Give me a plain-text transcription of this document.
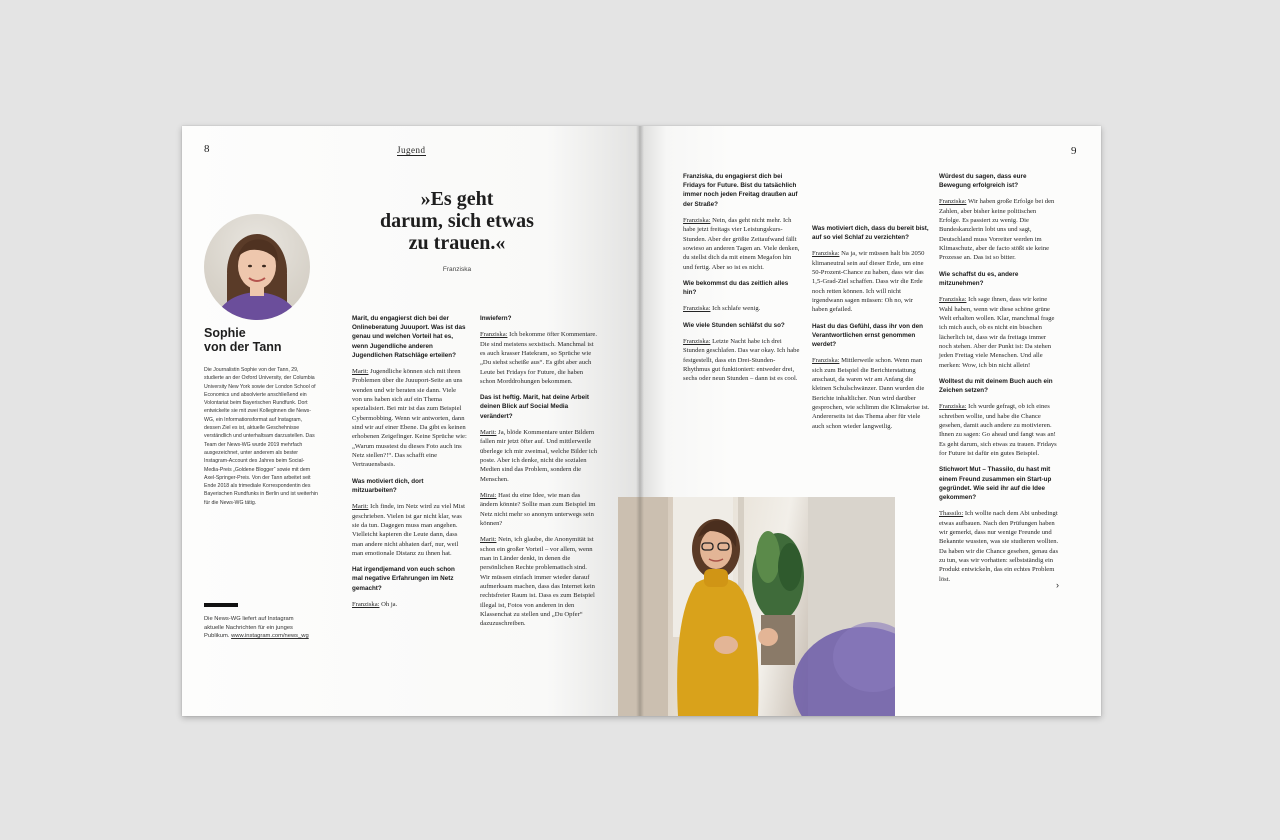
8	Jugend
»Es geht
darum, sich etwas
zu trauen.«
Franziska
Sophie
von der Tann
Die Journalistin Sophie von der Tann, 29, studierte an der Oxford University, der Columbia University New York sowie der London School of Economics und absolvierte anschließend ein Volontariat beim Bayerischen Rundfunk. Dort entwickelte sie mit zwei Kolleginnen die News-WG, ein Informationsformat auf Instagram, dessen Ziel es ist, aktuelle Geschehnisse verständlich und unterhaltsam darzustellen. Das Team der News-WG wurde 2019 mehrfach ausgezeichnet, unter anderem als bester Instagram-Account des Jahres beim Social-Media-Preis „Goldene Blogger“ sowie mit dem Axel-Springer-Preis. Von der Tann arbeitet seit Ende 2018 als trimediale Korrespondentin des Bayerischen Rundfunks in Berlin und ist weiterhin für die News-WG tätig.
Die News-WG liefert auf Instagram aktuelle Nachrichten für ein junges Publikum. www.instagram.com/news_wg
Marit, du engagierst dich bei der Onlineberatung Juuuport. Was ist das genau und welchen Vorteil hat es, wenn Jugendliche anderen Jugendlichen Ratschläge erteilen?
Marit: Jugendliche können sich mit ihren Problemen über die Juuuport-Seite an uns wenden und wir beraten sie dann. Viele von uns haben sich auf ein Thema spezialisiert. Bei mir ist das zum Beispiel Cybermobbing. Wenn wir antworten, dann sind wir auf einer Ebene. Da gibt es keinen erhobenen Zeigefinger. Keine Sprüche wie: „Warum musstest du dieses Foto auch ins Netz stellen?!“. Das schafft eine Vertrauensbasis.
Was motiviert dich, dort mitzuarbeiten?
Marit: Ich finde, im Netz wird zu viel Mist geschrieben. Vielen ist gar nicht klar, was sie da tun. Dagegen muss man angehen. Vielleicht kapieren die Leute dann, dass man andere nicht abhaten darf, nur, weil man emotionale Distanz zu ihnen hat.
Hat irgendjemand von euch schon mal negative Erfahrungen im Netz gemacht?
Franziska: Oh ja.
Inwiefern?
Franziska: Ich bekomme öfter Kommentare. Die sind meistens sexistisch. Manchmal ist es auch krasser Hatekram, so Sprüche wie „Du siehst scheiße aus“. Es gibt aber auch Leute bei Fridays for Future, die haben schon Morddrohungen bekommen.
Das ist heftig. Marit, hat deine Arbeit deinen Blick auf Social Media verändert?
Marit: Ja, blöde Kommentare unter Bildern fallen mir jetzt öfter auf. Und mittlerweile überlege ich mir zweimal, welche Bilder ich poste. Aber ich denke, nicht die sozialen Medien sind das Problem, sondern die Menschen.
Mirai: Hast du eine Idee, wie man das ändern könnte? Sollte man zum Beispiel im Netz nicht mehr so anonym unterwegs sein können?
Marit: Nein, ich glaube, die Anonymität ist schon ein großer Vorteil – vor allem, wenn man in Länder denkt, in denen die persönlichen Rechte problematisch sind. Wir müssen einfach immer wieder darauf aufmerksam machen, dass das Internet kein rechtsfreier Raum ist. Dass es zum Beispiel illegal ist, Fotos von anderen in den Klassenchat zu stellen und „Du Opfer“ dazuzuschreiben.
9
Franziska, du engagierst dich bei Fridays for Future. Bist du tatsächlich immer noch jeden Freitag draußen auf der Straße?
Franziska: Nein, das geht nicht mehr. Ich habe jetzt freitags vier Leistungskurs-Stunden. Aber der größte Zeitaufwand fällt sowieso an anderen Tagen an. Viele denken, du stellst dich da mit einem Megafon hin und fertig. Aber so ist es nicht.
Wie bekommst du das zeitlich alles hin?
Franziska: Ich schlafe wenig.
Wie viele Stunden schläfst du so?
Franziska: Letzte Nacht habe ich drei Stunden geschlafen. Das war okay. Ich habe festgestellt, dass ein Drei-Stunden-Rhythmus gut funktioniert: entweder drei, sechs oder neun Stunden – dann ist es cool.
Was motiviert dich, dass du bereit bist, auf so viel Schlaf zu verzichten?
Franziska: Na ja, wir müssen halt bis 2050 klimaneutral sein auf dieser Erde, um eine 50-Prozent-Chance zu haben, dass wir das 1,5-Grad-Ziel schaffen. Dass wir die Erde noch retten können. Ich will nicht irgendwann sagen müssen: Oh no, wir haben gefailed.
Hast du das Gefühl, dass ihr von den Verantwortlichen ernst genommen werdet?
Franziska: Mittlerweile schon. Wenn man sich zum Beispiel die Berichterstattung anschaut, da waren wir am Anfang die kleinen Schulschwänzer. Dann wurden die Berichte inhaltlicher. Nun wird darüber gesprochen, wie schlimm die Klimakrise ist. Andererseits ist das Thema aber für viele auch schon wieder langweilig.
Würdest du sagen, dass eure Bewegung erfolgreich ist?
Franziska: Wir haben große Erfolge bei den Zahlen, aber bisher keine politischen Erfolge. Es passiert zu wenig. Die Bundeskanzlerin lobt uns und sagt, Deutschland muss Vorreiter werden im Klimaschutz, aber de facto stößt sie keine Prozesse an. Das ist so bitter.
Wie schaffst du es, andere mitzunehmen?
Franziska: Ich sage ihnen, dass wir keine Wahl haben, wenn wir diese schöne grüne Welt erhalten wollen. Klar, manchmal frage ich mich auch, ob es nicht ein bisschen lächerlich ist, dass wir da freitags immer noch stehen. Aber der Punkt ist: Da stehen jeden Freitag viele Menschen. Und alle merken: Wow, ich bin nicht allein!
Wolltest du mit deinem Buch auch ein Zeichen setzen?
Franziska: Ich wurde gefragt, ob ich eines schreiben wollte, und habe die Chance gesehen, damit auch andere zu motivieren. Ihnen zu sagen: Go ahead und fangt was an! Es geht darum, sich etwas zu trauen. Fridays for Future ist dafür ein gutes Beispiel.
Stichwort Mut – Thassilo, du hast mit einem Freund zusammen ein Start-up gegründet. Wie seid ihr auf die Idee gekommen?
Thassilo: Ich wollte nach dem Abi unbedingt etwas aufbauen. Nach den Prüfungen haben wir gemerkt, dass nur wenige Freunde und Bekannte wussten, was sie studieren wollten. Da haben wir die Chance gesehen, genau das zu tun, was wir vorhatten: selbstständig ein Produkt entwickeln, das ein echtes Problem löst.
›
